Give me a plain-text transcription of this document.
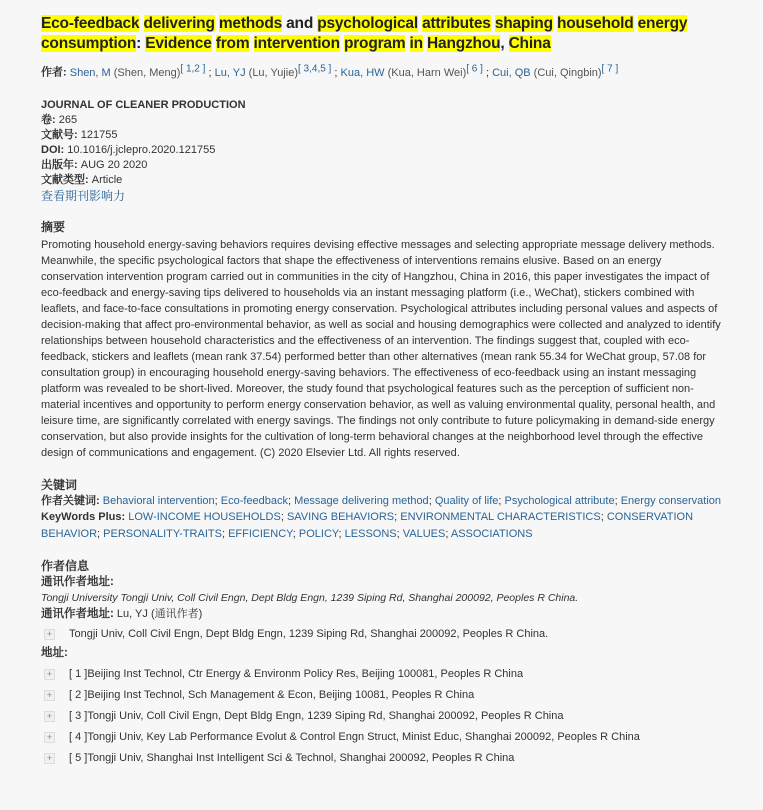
Eco-feedback delivering methods and psychological attributes shaping household energy consumption: Evidence from intervention program in Hangzhou, China
作者: Shen, M (Shen, Meng)[ 1,2 ] ; Lu, YJ (Lu, Yujie)[ 3,4,5 ] ; Kua, HW (Kua, Harn Wei)[ 6 ] ; Cui, QB (Cui, Qingbin)[ 7 ]
JOURNAL OF CLEANER PRODUCTION
卷: 265
文献号: 121755
DOI: 10.1016/j.jclepro.2020.121755
出版年: AUG 20 2020
文献类型: Article
查看期刊影响力
摘要
Promoting household energy-saving behaviors requires devising effective messages and selecting appropriate message delivery methods. Meanwhile, the specific psychological factors that shape the effectiveness of interventions remains elusive. Based on an energy conservation intervention program carried out in communities in the city of Hangzhou, China in 2016, this paper investigates the impact of eco-feedback and energy-saving tips delivered to households via an instant messaging platform (i.e., WeChat), stickers combined with leaflets, and face-to-face consultations in promoting energy conservation. Psychological attributes including personal values and aspects of decision-making that affect pro-environmental behavior, as well as social and housing demographics were collected and analyzed to identify relationships between household characteristics and the effectiveness of an intervention. The findings suggest that, coupled with eco-feedback, stickers and leaflets (mean rank 37.54) performed better than other alternatives (mean rank 55.34 for WeChat group, 57.08 for consultation group) in encouraging household energy-saving behaviors. The effectiveness of eco-feedback using an instant messaging platform was revealed to be short-lived. Moreover, the study found that psychological features such as the perception of sufficient non-material incentives and opportunity to perform energy conservation behavior, as well as valuing environmental quality, personal health, and leisure time, are significantly correlated with energy savings. The findings not only contribute to future policymaking in demand-side energy conservation, but also provide insights for the cultivation of long-term behavioral changes at the neighborhood level through the effective design of communications and engagement. (C) 2020 Elsevier Ltd. All rights reserved.
关键词
作者关键词: Behavioral intervention; Eco-feedback; Message delivering method; Quality of life; Psychological attribute; Energy conservation
KeyWords Plus: LOW-INCOME HOUSEHOLDS; SAVING BEHAVIORS; ENVIRONMENTAL CHARACTERISTICS; CONSERVATION BEHAVIOR; PERSONALITY-TRAITS; EFFICIENCY; POLICY; LESSONS; VALUES; ASSOCIATIONS
作者信息
通讯作者地址:
Tongji University Tongji Univ, Coll Civil Engn, Dept Bldg Engn, 1239 Siping Rd, Shanghai 200092, Peoples R China.
通讯作者地址: Lu, YJ (通讯作者)
+ Tongji Univ, Coll Civil Engn, Dept Bldg Engn, 1239 Siping Rd, Shanghai 200092, Peoples R China.
地址:
+ [ 1 ] Beijing Inst Technol, Ctr Energy & Environm Policy Res, Beijing 100081, Peoples R China
+ [ 2 ] Beijing Inst Technol, Sch Management & Econ, Beijing 10081, Peoples R China
+ [ 3 ] Tongji Univ, Coll Civil Engn, Dept Bldg Engn, 1239 Siping Rd, Shanghai 200092, Peoples R China
+ [ 4 ] Tongji Univ, Key Lab Performance Evolut & Control Engn Struct, Minist Educ, Shanghai 200092, Peoples R China
+ [ 5 ] Tongji Univ, Shanghai Inst Intelligent Sci & Technol, Shanghai 200092, Peoples R China
